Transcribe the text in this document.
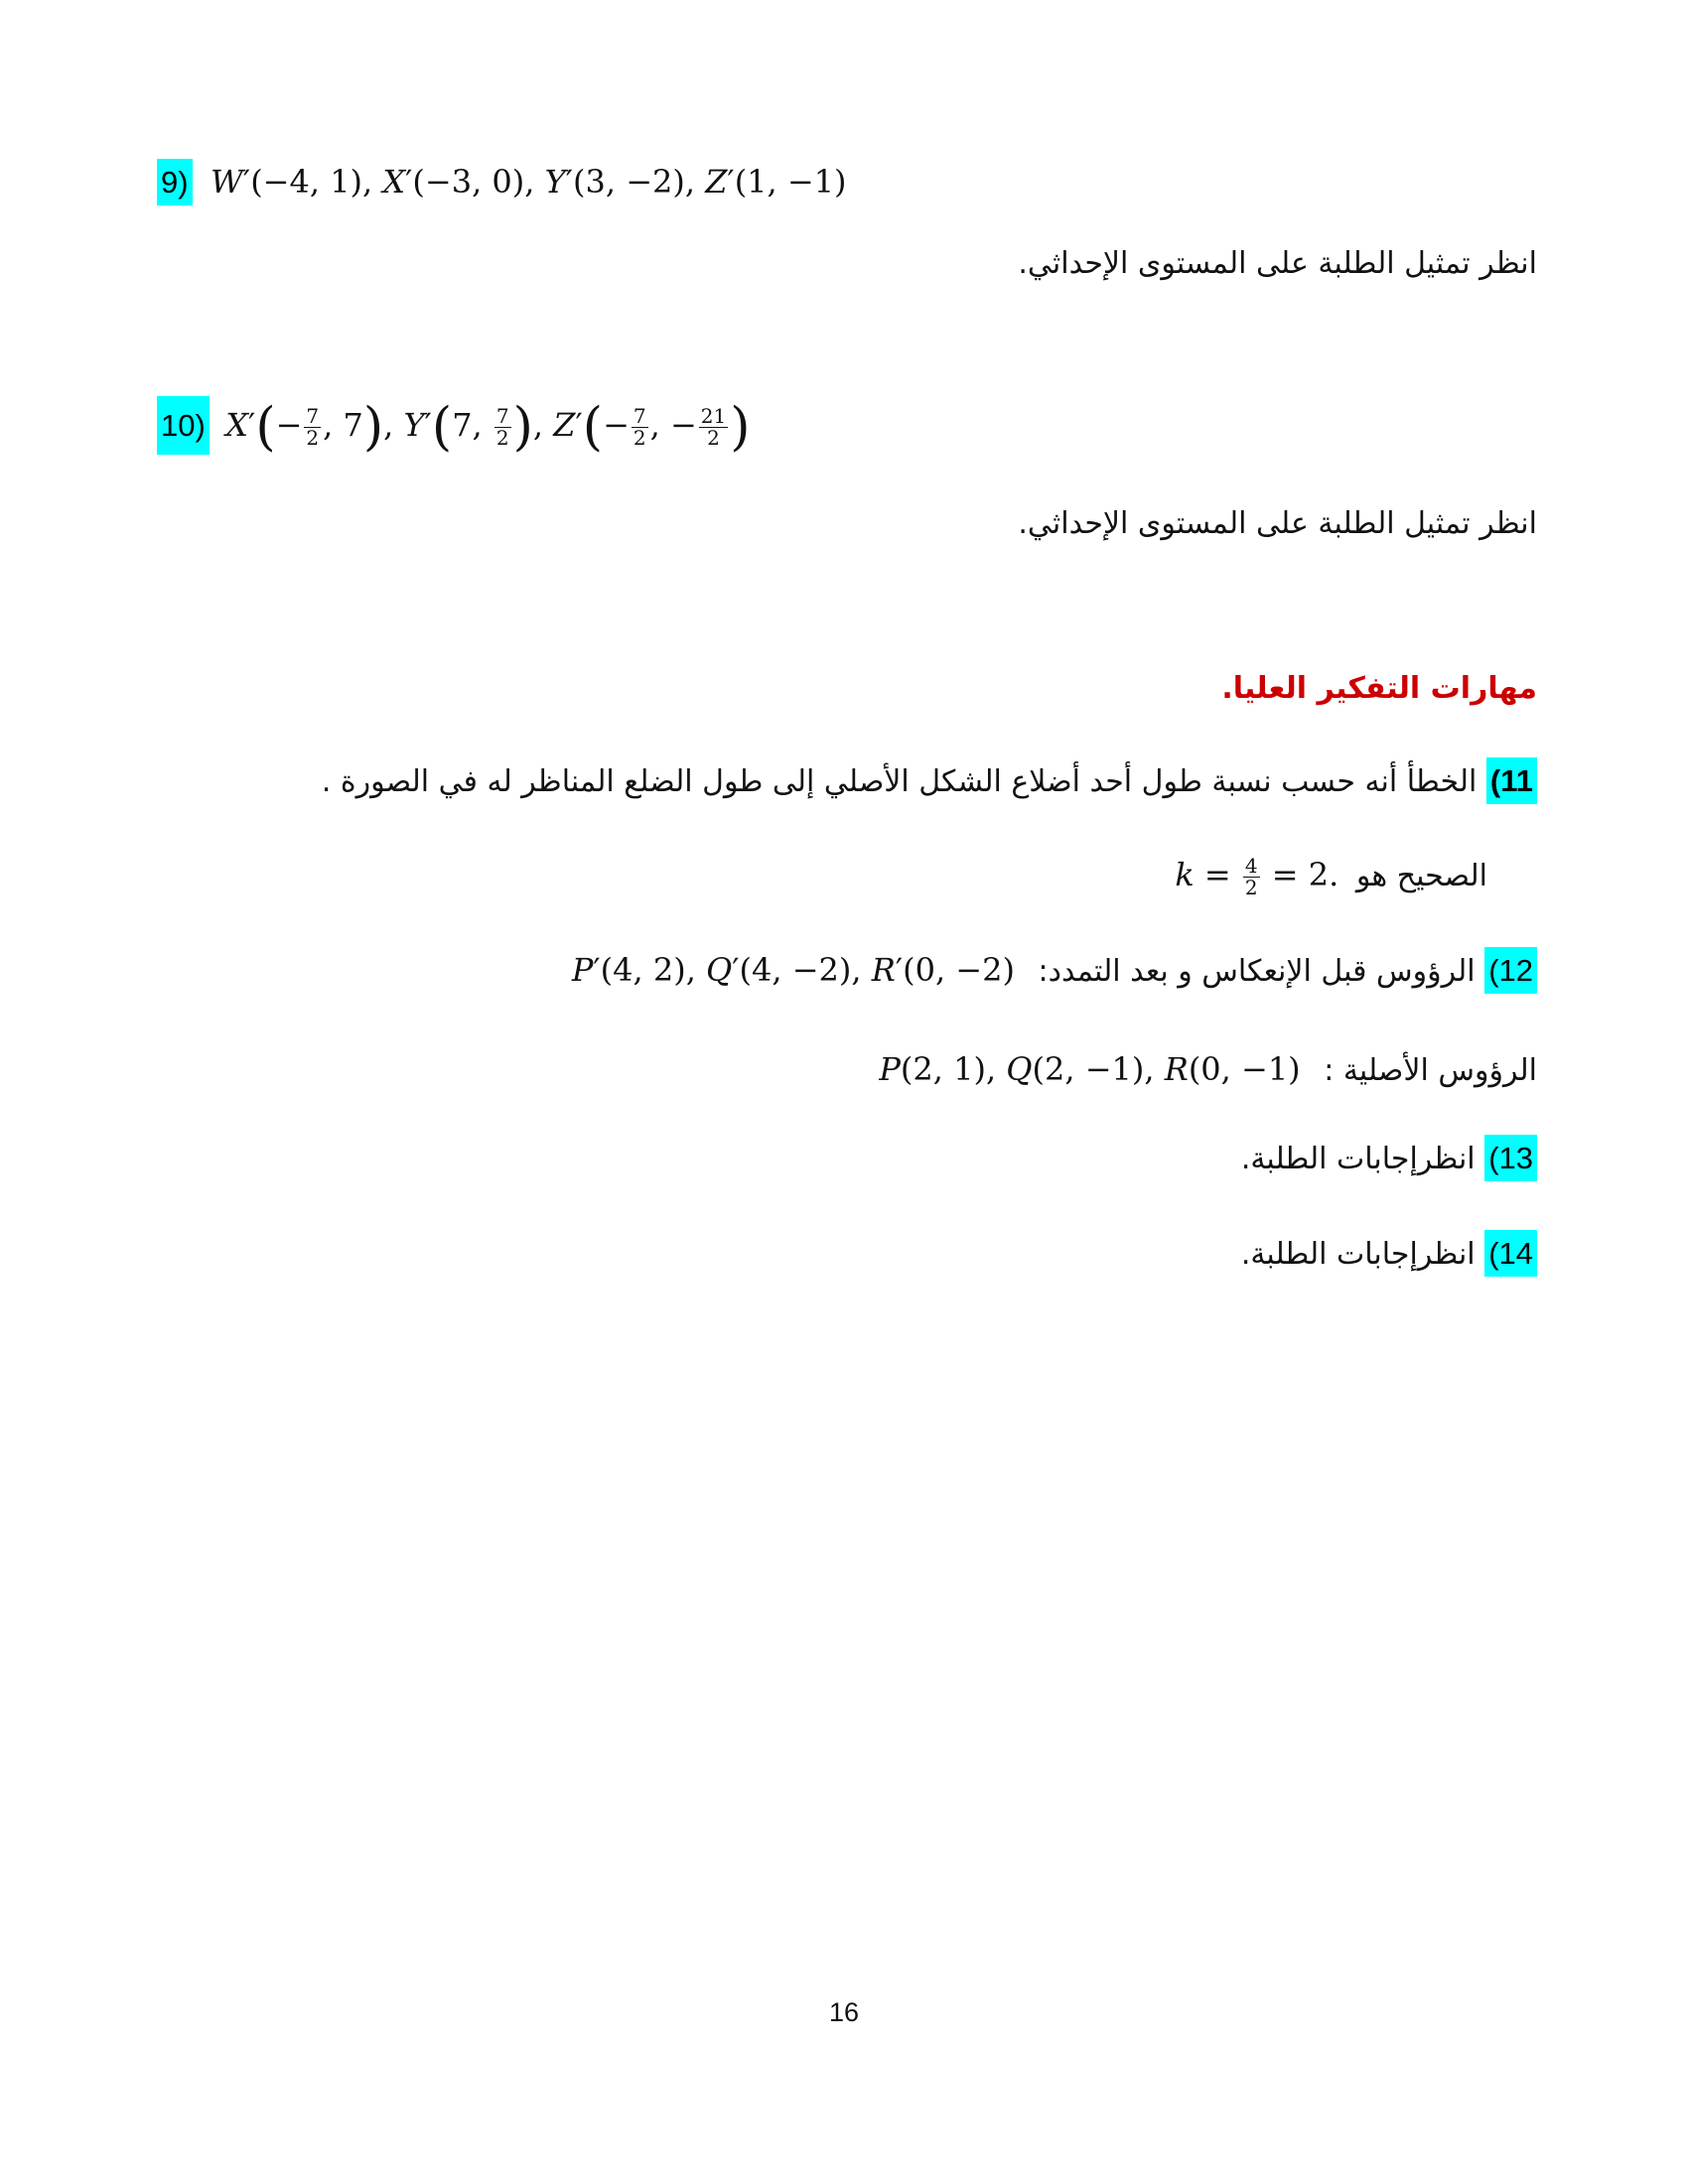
9) W′(−4, 1), X′(−3, 0), Y′(3, −2), Z′(1, −1)
انظر تمثيل الطلبة على المستوى الإحداثي.
10) $X'(- \frac{7}{2}$ , 7), Y′(7, $\frac{7}{2}$ ), $Z'(- \frac{7}{2}$ , − $\frac{21}{2}$ )
انظر تمثيل الطلبة على المستوى الإحداثي.
مهارات التفكير العليا.
11) الخطأ أنه حسب نسبة طول أحد أضلاع الشكل الأصلي إلى طول الضلع المناظر له في الصورة .
الصحيح هو $k = \frac{4}{2} = 2$.
12) الرؤوس قبل الإنعكاس و بعد التمدد: P′(4, 2), Q′(4, −2), R′(0, −2)
الرؤوس الأصلية : P(2, 1), Q(2, −1), R(0, −1)
13) انظرإجابات الطلبة.
14) انظرإجابات الطلبة.
16
